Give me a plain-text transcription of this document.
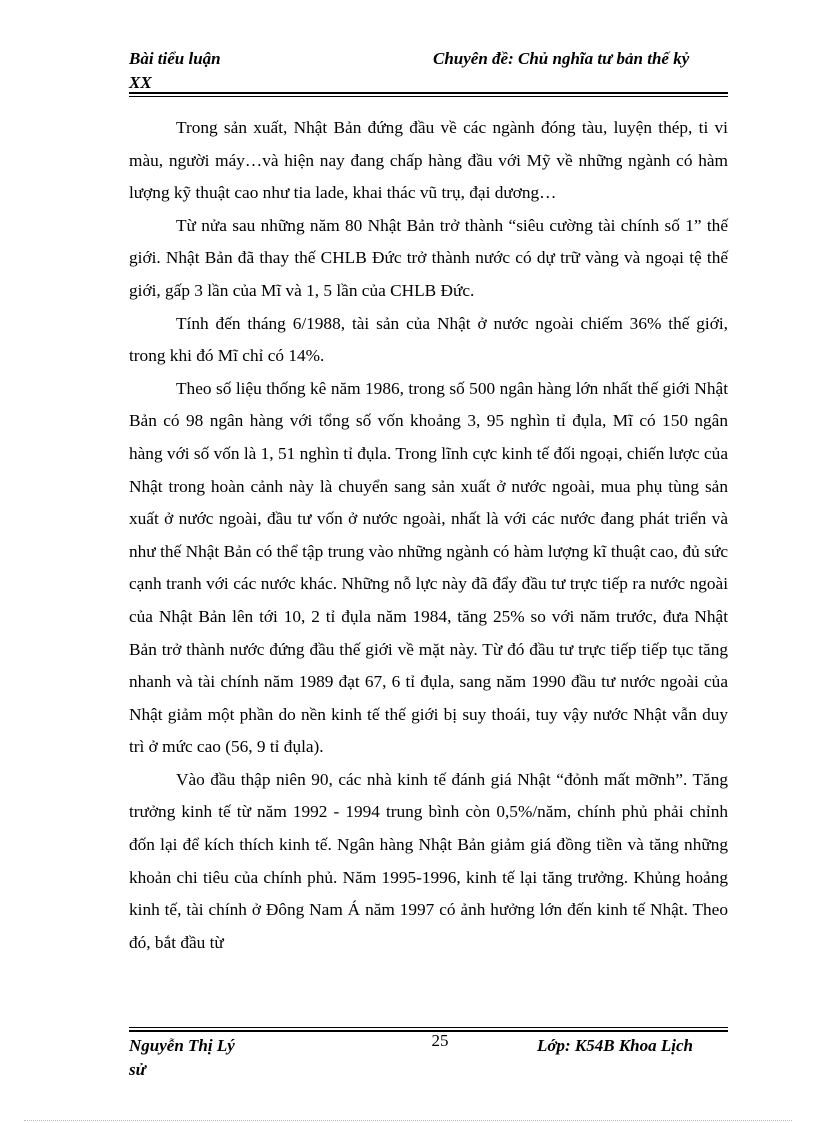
Bài tiểu luận
XX
Chuyên đề: Chủ nghĩa tư bản thế kỷ

Trong sản xuất, Nhật Bản đứng đầu về các ngành đóng tàu, luyện thép, ti vi màu, người máy…và hiện nay đang chấp hàng đầu với Mỹ về những ngành có hàm lượng kỹ thuật cao như tia lade, khai thác vũ trụ, đại dương…

Từ nửa sau những năm 80 Nhật Bản trở thành “siêu cường tài chính số 1” thế giới. Nhật Bản đã thay thế CHLB Đức trở thành nước có dự trữ vàng và ngoại tệ thế giới, gấp 3 lần của Mĩ và 1, 5 lần của CHLB Đức.

Tính đến tháng 6/1988, tài sản của Nhật ở nước ngoài chiếm 36% thế giới, trong khi đó Mĩ chỉ có 14%.

Theo số liệu thống kê năm 1986, trong số 500 ngân hàng lớn nhất thế giới Nhật Bản có 98 ngân hàng với tổng số vốn khoảng 3, 95 nghìn tỉ đụla, Mĩ có 150 ngân hàng với số vốn là 1, 51 nghìn tỉ đụla. Trong lĩnh cực kinh tế đối ngoại, chiến lược của Nhật trong hoàn cảnh này là chuyển sang sản xuất ở nước ngoài, mua phụ tùng sản xuất ở nước ngoài, đầu tư vốn ở nước ngoài, nhất là với các nước đang phát triển và như thế Nhật Bản có thể tập trung vào những ngành có hàm lượng kĩ thuật cao, đủ sức cạnh tranh với các nước khác. Những nỗ lực này đã đẩy đầu tư trực tiếp ra nước ngoài của Nhật Bản lên tới 10, 2 tỉ đụla năm 1984, tăng 25% so với năm trước, đưa Nhật Bản trở thành nước đứng đầu thế giới về mặt này. Từ đó đầu tư trực tiếp tiếp tục tăng nhanh và tài chính năm 1989 đạt 67, 6 tỉ đụla, sang năm 1990 đầu tư nước ngoài của Nhật giảm một phần do nền kinh tế thế giới bị suy thoái, tuy vậy nước Nhật vẫn duy trì ở mức cao (56, 9 tỉ đụla).

Vào đầu thập niên 90, các nhà kinh tế đánh giá Nhật “đỏnh mất mỡnh”. Tăng trưởng kinh tế từ năm 1992 - 1994 trung bình còn 0,5%/năm, chính phủ phải chỉnh đốn lại để kích thích kinh tế. Ngân hàng Nhật Bản giảm giá đồng tiền và tăng những khoản chi tiêu của chính phủ. Năm 1995-1996, kinh tế lại tăng trưởng. Khủng hoảng kinh tế, tài chính ở Đông Nam Á năm 1997 có ảnh hưởng lớn đến kinh tế Nhật. Theo đó, bắt đầu từ

Nguyễn Thị Lý
sử
25	Lớp: K54B Khoa Lịch
